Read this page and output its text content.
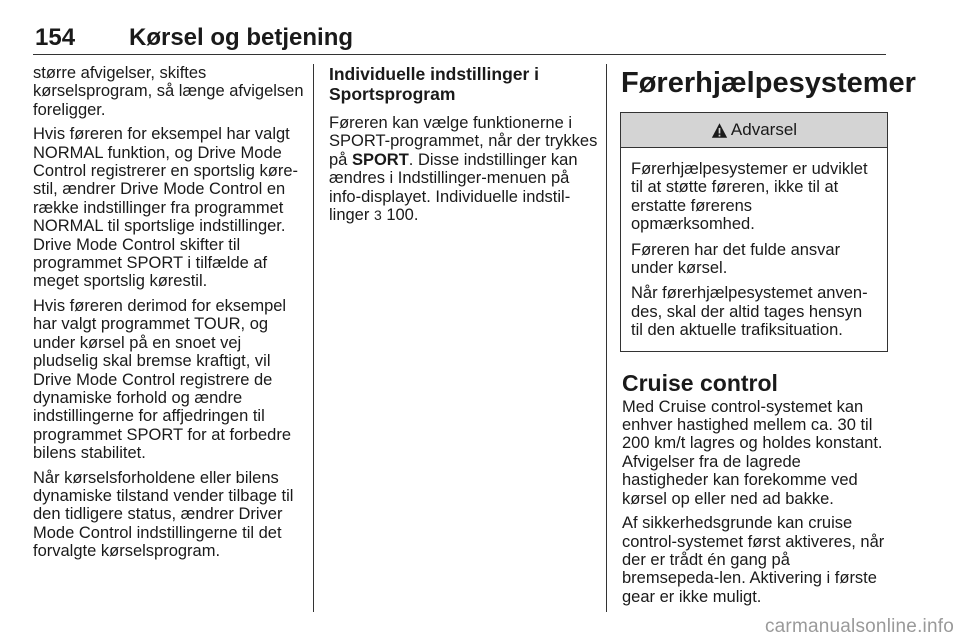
154 Kørsel og betjening

større afvigelser, skiftes kørselsprogram, så længe afvigelsen foreligger.

Hvis føreren for eksempel har valgt NORMAL funktion, og Drive Mode Control registrerer en sportslig køre-stil, ændrer Drive Mode Control en række indstillinger fra programmet NORMAL til sportslige indstillinger. Drive Mode Control skifter til programmet SPORT i tilfælde af meget sportslig kørestil.

Hvis føreren derimod for eksempel har valgt programmet TOUR, og under kørsel på en snoet vej pludselig skal bremse kraftigt, vil Drive Mode Control registrere de dynamiske forhold og ændre indstillingerne for affjedringen til programmet SPORT for at forbedre bilens stabilitet.

Når kørselsforholdene eller bilens dynamiske tilstand vender tilbage til den tidligere status, ændrer Driver Mode Control indstillingerne til det forvalgte kørselsprogram.

Individuelle indstillinger i Sportsprogram

Føreren kan vælge funktionerne i SPORT-programmet, når der trykkes på SPORT. Disse indstillinger kan ændres i Indstillinger-menuen på info-displayet. Individuelle indstil-linger 3 100.

Førerhjælpesystemer
Advarsel

Førerhjælpesystemer er udviklet til at støtte føreren, ikke til at erstatte førerens opmærksomhed.

Føreren har det fulde ansvar under kørsel.

Når førerhjælpesystemet anven-des, skal der altid tages hensyn til den aktuelle trafiksituation.

Cruise control

Med Cruise control-systemet kan enhver hastighed mellem ca. 30 til 200 km/t lagres og holdes konstant. Afvigelser fra de lagrede hastigheder kan forekomme ved kørsel op eller ned ad bakke.

Af sikkerhedsgrunde kan cruise control-systemet først aktiveres, når der er trådt én gang på bremsepeda-len. Aktivering i første gear er ikke muligt.

carmanualsonline.info
